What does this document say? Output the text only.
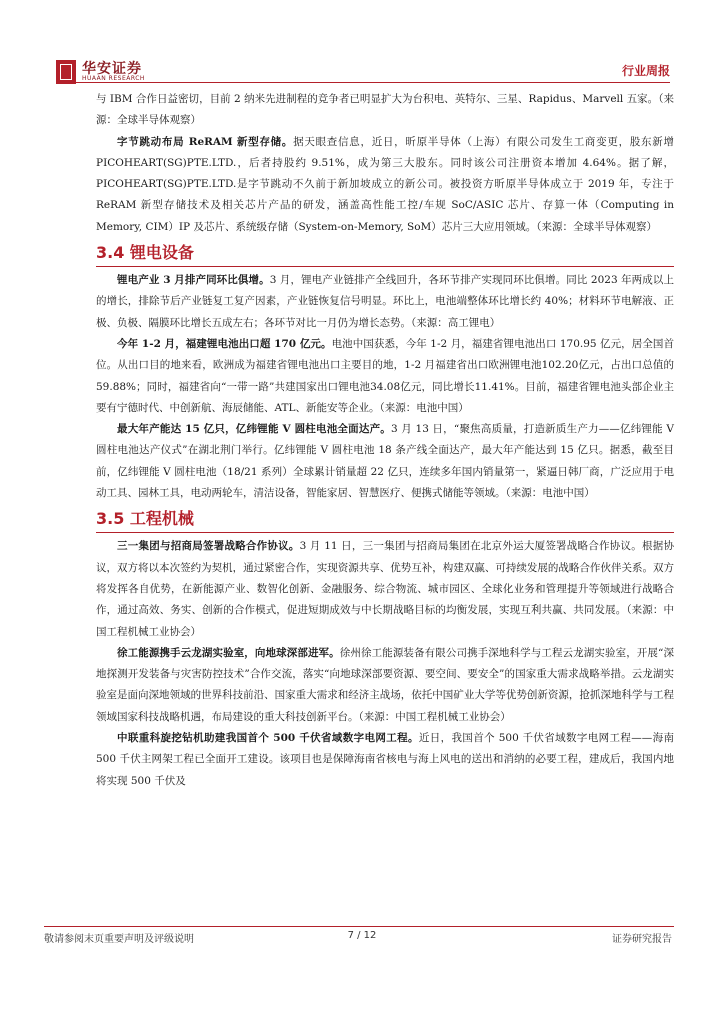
华安证券
HUAAN RESEARCH
行业周报

与 IBM 合作日益密切，目前 2 纳米先进制程的竞争者已明显扩大为台积电、英特尔、三星、Rapidus、Marvell 五家。（来源：全球半导体观察）

字节跳动布局 ReRAM 新型存储。据天眼查信息，近日，昕原半导体（上海）有限公司发生工商变更，股东新增 PICOHEART(SG)PTE.LTD.，后者持股约 9.51%，成为第三大股东。同时该公司注册资本增加 4.64%。据了解，PICOHEART(SG)PTE.LTD.是字节跳动不久前于新加坡成立的新公司。被投资方昕原半导体成立于 2019 年，专注于 ReRAM 新型存储技术及相关芯片产品的研发，涵盖高性能工控/车规 SoC/ASIC 芯片、存算一体（Computing in Memory, CIM）IP 及芯片、系统级存储（System-on-Memory, SoM）芯片三大应用领域。（来源：全球半导体观察）

3.4 锂电设备

锂电产业 3 月排产同环比俱增。3 月，锂电产业链排产全线回升，各环节排产实现同环比俱增。同比 2023 年两成以上的增长，排除节后产业链复工复产因素，产业链恢复信号明显。环比上，电池端整体环比增长约 40%；材料环节电解液、正极、负极、隔膜环比增长五成左右；各环节对比一月仍为增长态势。（来源：高工锂电）

今年 1-2 月，福建锂电池出口超 170 亿元。电池中国获悉，今年 1-2 月，福建省锂电池出口 170.95 亿元，居全国首位。从出口目的地来看，欧洲成为福建省锂电池出口主要目的地，1-2 月福建省出口欧洲锂电池102.20亿元，占出口总值的59.88%；同时，福建省向“一带一路”共建国家出口锂电池34.08亿元，同比增长11.41%。目前，福建省锂电池头部企业主要有宁德时代、中创新航、海辰储能、ATL、新能安等企业。（来源：电池中国）

最大年产能达 15 亿只，亿纬锂能 V 圆柱电池全面达产。3 月 13 日，“聚焦高质量，打造新质生产力——亿纬锂能 V 圆柱电池达产仪式”在湖北荆门举行。亿纬锂能 V 圆柱电池 18 条产线全面达产，最大年产能达到 15 亿只。据悉，截至目前，亿纬锂能 V 圆柱电池（18/21 系列）全球累计销量超 22 亿只，连续多年国内销量第一，紧逼日韩厂商，广泛应用于电动工具、园林工具，电动两轮车，清洁设备，智能家居、智慧医疗、便携式储能等领域。（来源：电池中国）

3.5 工程机械

三一集团与招商局签署战略合作协议。3 月 11 日，三一集团与招商局集团在北京外运大厦签署战略合作协议。根据协议，双方将以本次签约为契机，通过紧密合作，实现资源共享、优势互补，构建双赢、可持续发展的战略合作伙伴关系。双方将发挥各自优势，在新能源产业、数智化创新、金融服务、综合物流、城市园区、全球化业务和管理提升等领域进行战略合作，通过高效、务实、创新的合作模式，促进短期成效与中长期战略目标的均衡发展，实现互利共赢、共同发展。（来源：中国工程机械工业协会）

徐工能源携手云龙湖实验室，向地球深部进军。徐州徐工能源装备有限公司携手深地科学与工程云龙湖实验室，开展“深地探测开发装备与灾害防控技术”合作交流，落实“向地球深部要资源、要空间、要安全”的国家重大需求战略举措。云龙湖实验室是面向深地领域的世界科技前沿、国家重大需求和经济主战场，依托中国矿业大学等优势创新资源，抢抓深地科学与工程领域国家科技战略机遇，布局建设的重大科技创新平台。（来源：中国工程机械工业协会）

中联重科旋挖钻机助建我国首个 500 千伏省域数字电网工程。近日，我国首个 500 千伏省域数字电网工程——海南 500 千伏主网架工程已全面开工建设。该项目也是保障海南省核电与海上风电的送出和消纳的必要工程，建成后，我国内地将实现 500 千伏及

敬请参阅末页重要声明及评级说明	7 / 12	证券研究报告
